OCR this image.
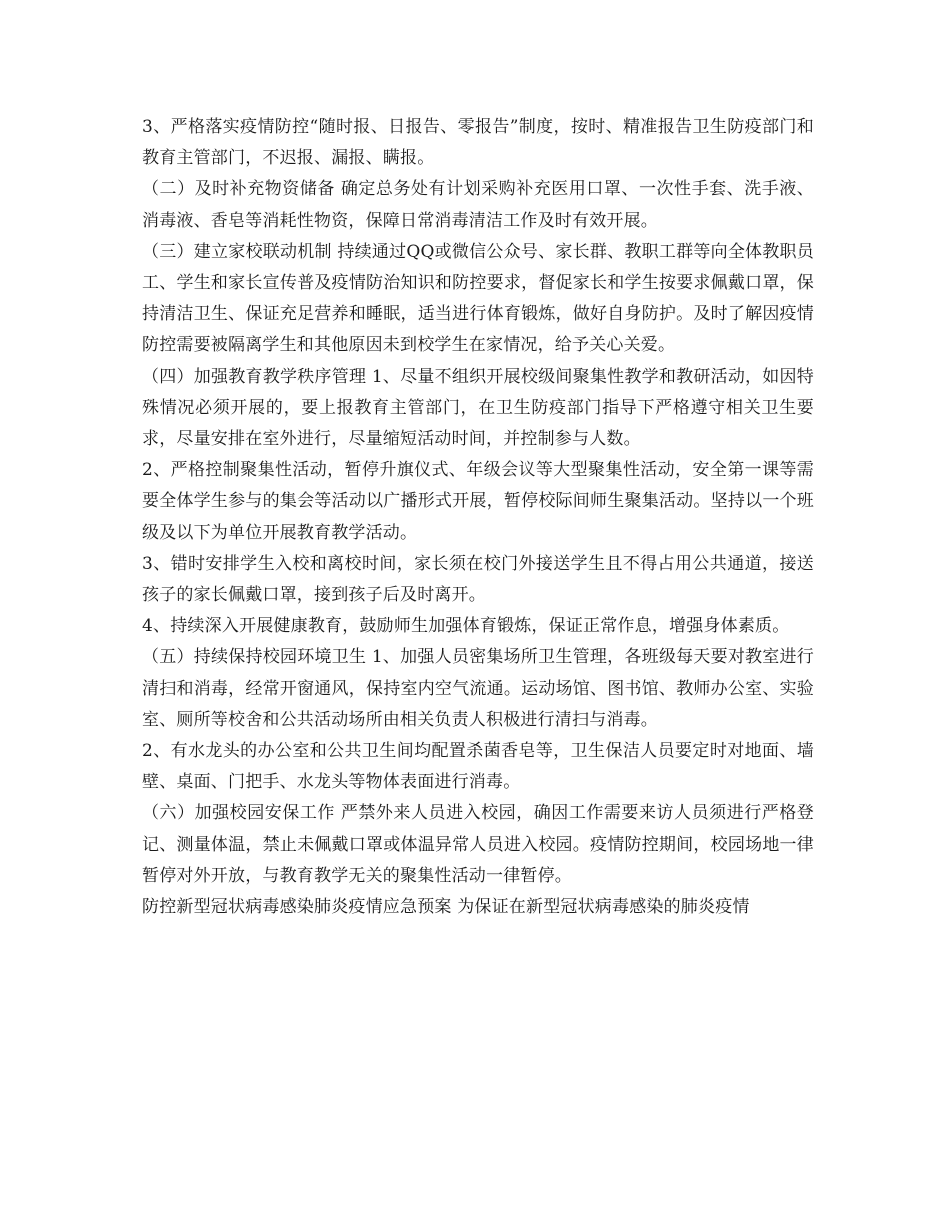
3、严格落实疫情防控“随时报、日报告、零报告”制度，按时、精准报告卫生防疫部门和教育主管部门，不迟报、漏报、瞒报。

（二）及时补充物资储备 确定总务处有计划采购补充医用口罩、一次性手套、洗手液、消毒液、香皂等消耗性物资，保障日常消毒清洁工作及时有效开展。

（三）建立家校联动机制 持续通过QQ或微信公众号、家长群、教职工群等向全体教职员工、学生和家长宣传普及疫情防治知识和防控要求，督促家长和学生按要求佩戴口罩，保持清洁卫生、保证充足营养和睡眠，适当进行体育锻炼，做好自身防护。及时了解因疫情防控需要被隔离学生和其他原因未到校学生在家情况，给予关心关爱。

（四）加强教育教学秩序管理 1、尽量不组织开展校级间聚集性教学和教研活动，如因特殊情况必须开展的，要上报教育主管部门，在卫生防疫部门指导下严格遵守相关卫生要求，尽量安排在室外进行，尽量缩短活动时间，并控制参与人数。

2、严格控制聚集性活动，暂停升旗仪式、年级会议等大型聚集性活动，安全第一课等需要全体学生参与的集会等活动以广播形式开展，暂停校际间师生聚集活动。坚持以一个班级及以下为单位开展教育教学活动。

3、错时安排学生入校和离校时间，家长须在校门外接送学生且不得占用公共通道，接送孩子的家长佩戴口罩，接到孩子后及时离开。

4、持续深入开展健康教育，鼓励师生加强体育锻炼，保证正常作息，增强身体素质。

（五）持续保持校园环境卫生 1、加强人员密集场所卫生管理，各班级每天要对教室进行清扫和消毒，经常开窗通风，保持室内空气流通。运动场馆、图书馆、教师办公室、实验室、厕所等校舍和公共活动场所由相关负责人积极进行清扫与消毒。

2、有水龙头的办公室和公共卫生间均配置杀菌香皂等，卫生保洁人员要定时对地面、墙壁、桌面、门把手、水龙头等物体表面进行消毒。

（六）加强校园安保工作 严禁外来人员进入校园，确因工作需要来访人员须进行严格登记、测量体温，禁止未佩戴口罩或体温异常人员进入校园。疫情防控期间，校园场地一律暂停对外开放，与教育教学无关的聚集性活动一律暂停。

防控新型冠状病毒感染肺炎疫情应急预案 为保证在新型冠状病毒感染的肺炎疫情
